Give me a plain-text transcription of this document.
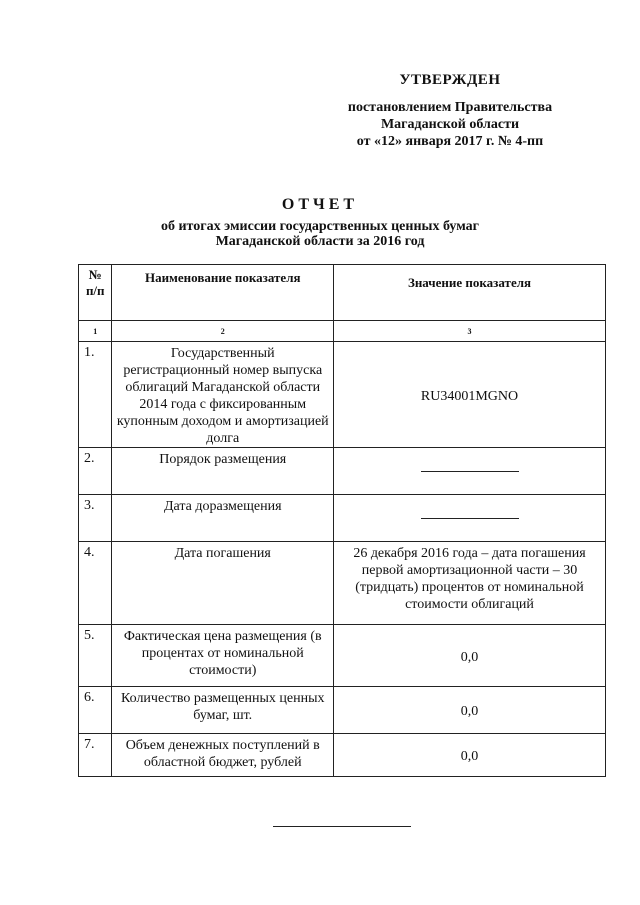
УТВЕРЖДЕН
постановлением Правительства
Магаданской области
от «12» января 2017 г. № 4-пп
ОТЧЕТ
об итогах эмиссии государственных ценных бумаг
Магаданской области за 2016 год
№
п/п	Наименование показателя	Значение показателя
1	2	3
1.	Государственный регистрационный номер выпуска облигаций Магаданской области 2014 года с фиксированным купонным доходом и амортизацией долга	RU34001MGNO
2.	Порядок размещения	
3.	Дата доразмещения	
4.	Дата погашения	26 декабря 2016 года – дата погашения первой амортизационной части – 30 (тридцать) процентов от номинальной стоимости облигаций
5.	Фактическая цена размещения (в процентах от номинальной стоимости)	0,0
6.	Количество размещенных ценных бумаг, шт.	0,0
7.	Объем денежных поступлений в областной бюджет, рублей	0,0
